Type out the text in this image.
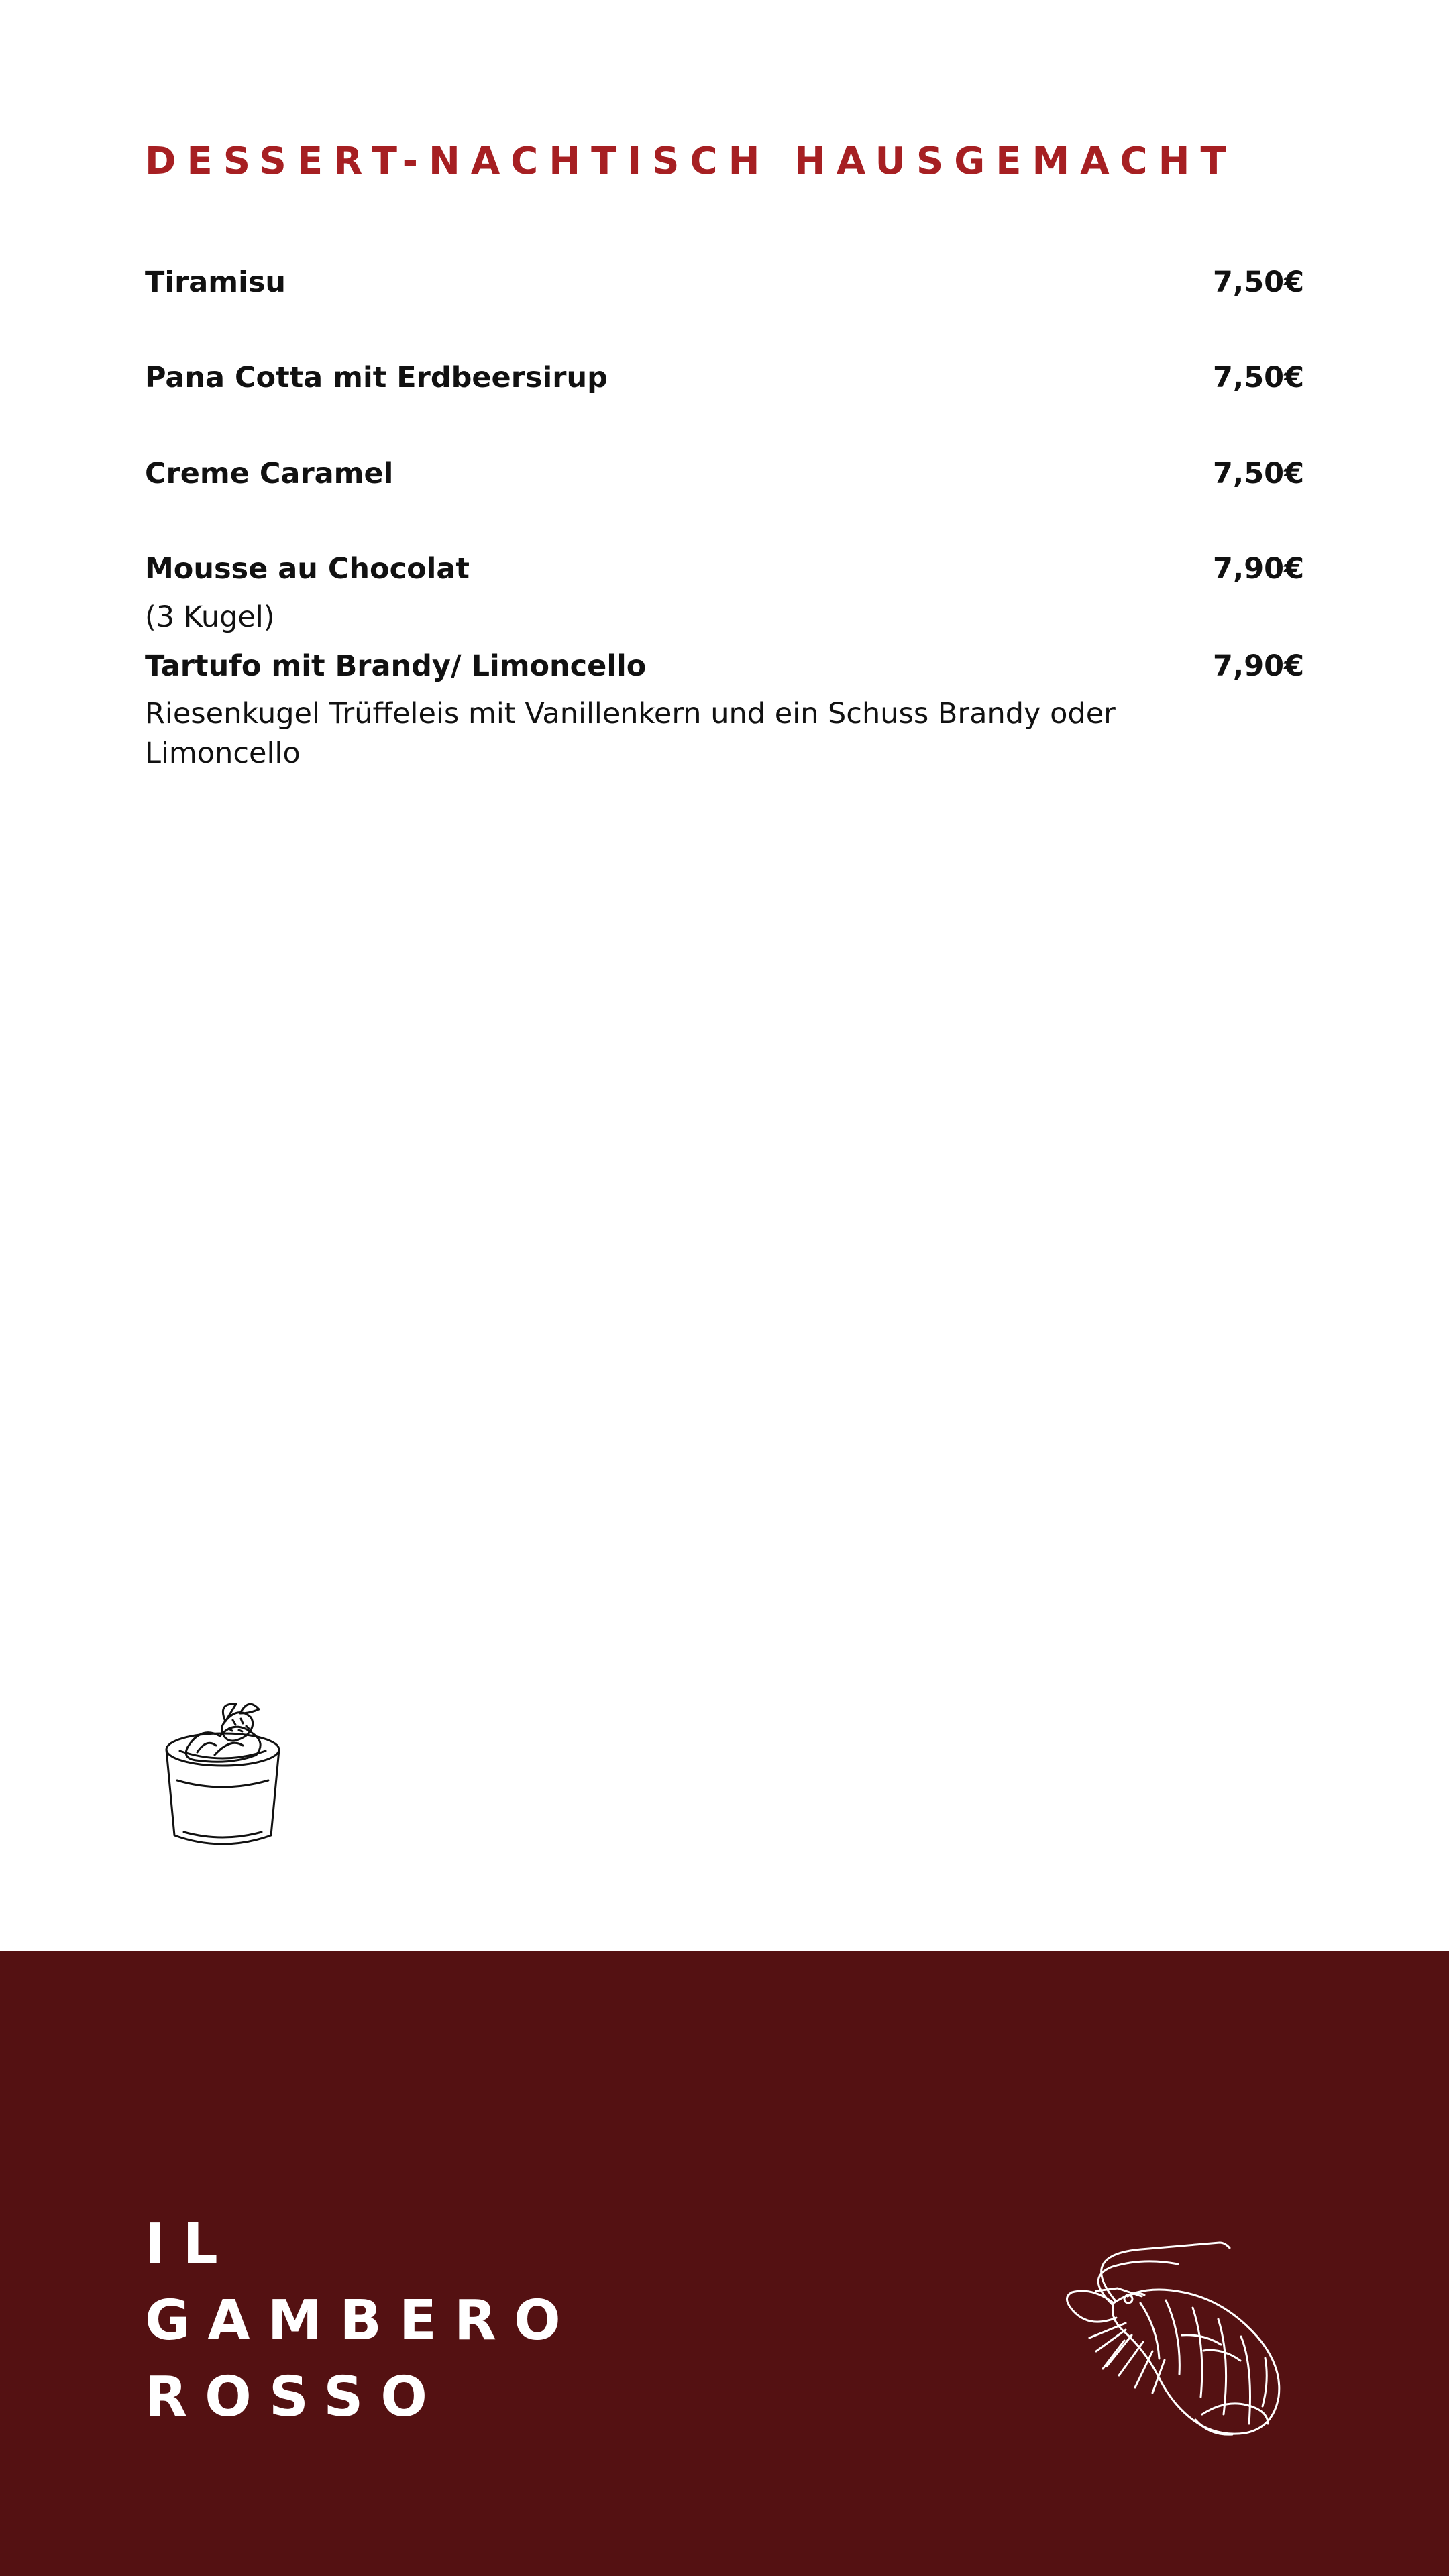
DESSERT-NACHTISCH HAUSGEMACHT
Tiramisu	7,50€
Pana Cotta mit Erdbeersirup	7,50€
Creme Caramel	7,50€
Mousse au Chocolat	7,90€
(3 Kugel)
Tartufo mit Brandy/ Limoncello	7,90€
Riesenkugel Trüffeleis mit Vanillenkern und ein Schuss Brandy oder Limoncello
IL
GAMBERO
ROSSO
